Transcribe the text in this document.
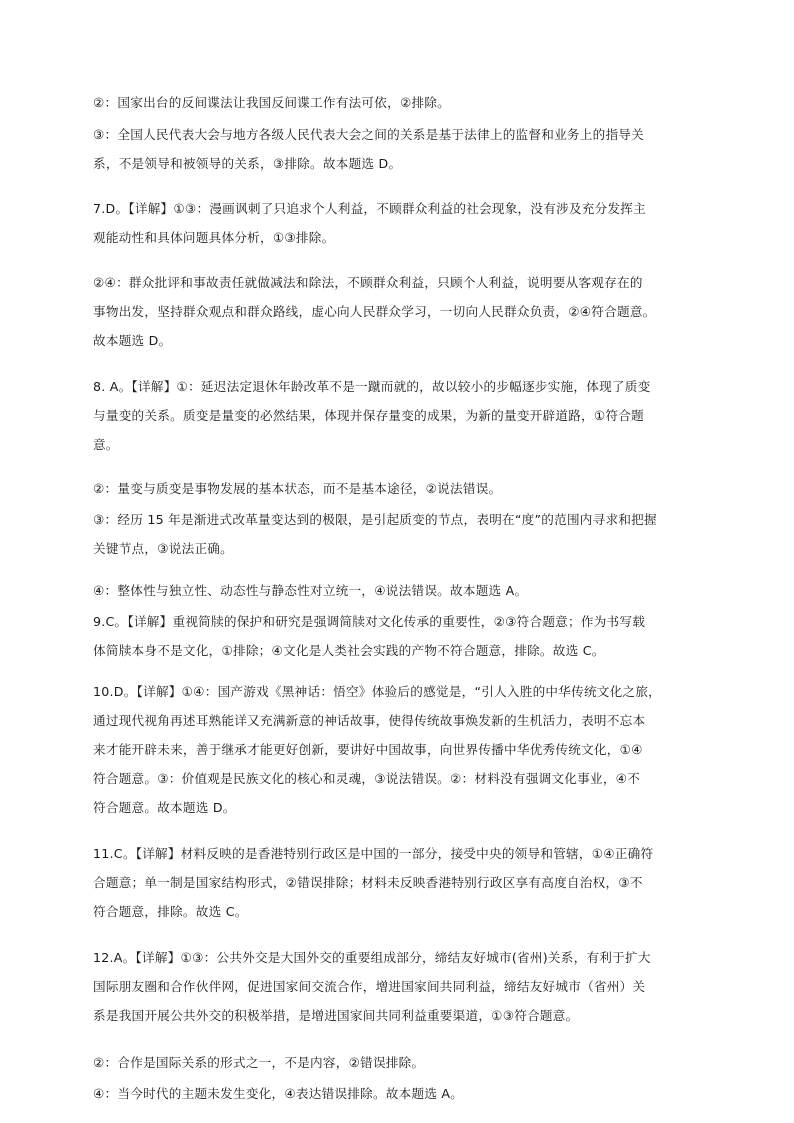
②：国家出台的反间谍法让我国反间谍工作有法可依，②排除。
③：全国人民代表大会与地方各级人民代表大会之间的关系是基于法律上的监督和业务上的指导关
系，不是领导和被领导的关系，③排除。故本题选 D。
7.D。【详解】①③：漫画讽刺了只追求个人利益，不顾群众利益的社会现象，没有涉及充分发挥主
观能动性和具体问题具体分析，①③排除。
②④：群众批评和事故责任就做减法和除法，不顾群众利益，只顾个人利益，说明要从客观存在的
事物出发，坚持群众观点和群众路线，虚心向人民群众学习，一切向人民群众负责，②④符合题意。
故本题选 D。
8. A。【详解】①：延迟法定退休年龄改革不是一蹴而就的，故以较小的步幅逐步实施，体现了质变
与量变的关系。质变是量变的必然结果，体现并保存量变的成果，为新的量变开辟道路，①符合题
意。
②：量变与质变是事物发展的基本状态，而不是基本途径，②说法错误。
③：经历 15 年是渐进式改革量变达到的极限，是引起质变的节点，表明在“度”的范围内寻求和把握
关键节点，③说法正确。
④：整体性与独立性、动态性与静态性对立统一，④说法错误。故本题选 A。
9.C。【详解】重视简牍的保护和研究是强调简牍对文化传承的重要性，②③符合题意；作为书写载
体简牍本身不是文化，①排除；④文化是人类社会实践的产物不符合题意，排除。故选 C。
10.D。【详解】①④：国产游戏《黑神话：悟空》体验后的感觉是，“引人入胜的中华传统文化之旅，
通过现代视角再述耳熟能详又充满新意的神话故事，使得传统故事焕发新的生机活力，表明不忘本
来才能开辟未来，善于继承才能更好创新，要讲好中国故事，向世界传播中华优秀传统文化，①④
符合题意。③：价值观是民族文化的核心和灵魂，③说法错误。②：材料没有强调文化事业，④不
符合题意。故本题选 D。
11.C。【详解】材料反映的是香港特别行政区是中国的一部分，接受中央的领导和管辖，①④正确符
合题意；单一制是国家结构形式，②错误排除；材料未反映香港特别行政区享有高度自治权，③不
符合题意，排除。故选 C。
12.A。【详解】①③：公共外交是大国外交的重要组成部分，缔结友好城市(省州)关系，有利于扩大
国际朋友圈和合作伙伴网，促进国家间交流合作，增进国家间共同利益，缔结友好城市（省州）关
系是我国开展公共外交的积极举措，是增进国家间共同利益重要渠道，①③符合题意。
②：合作是国际关系的形式之一，不是内容，②错误排除。
④：当今时代的主题未发生变化，④表达错误排除。故本题选 A。
